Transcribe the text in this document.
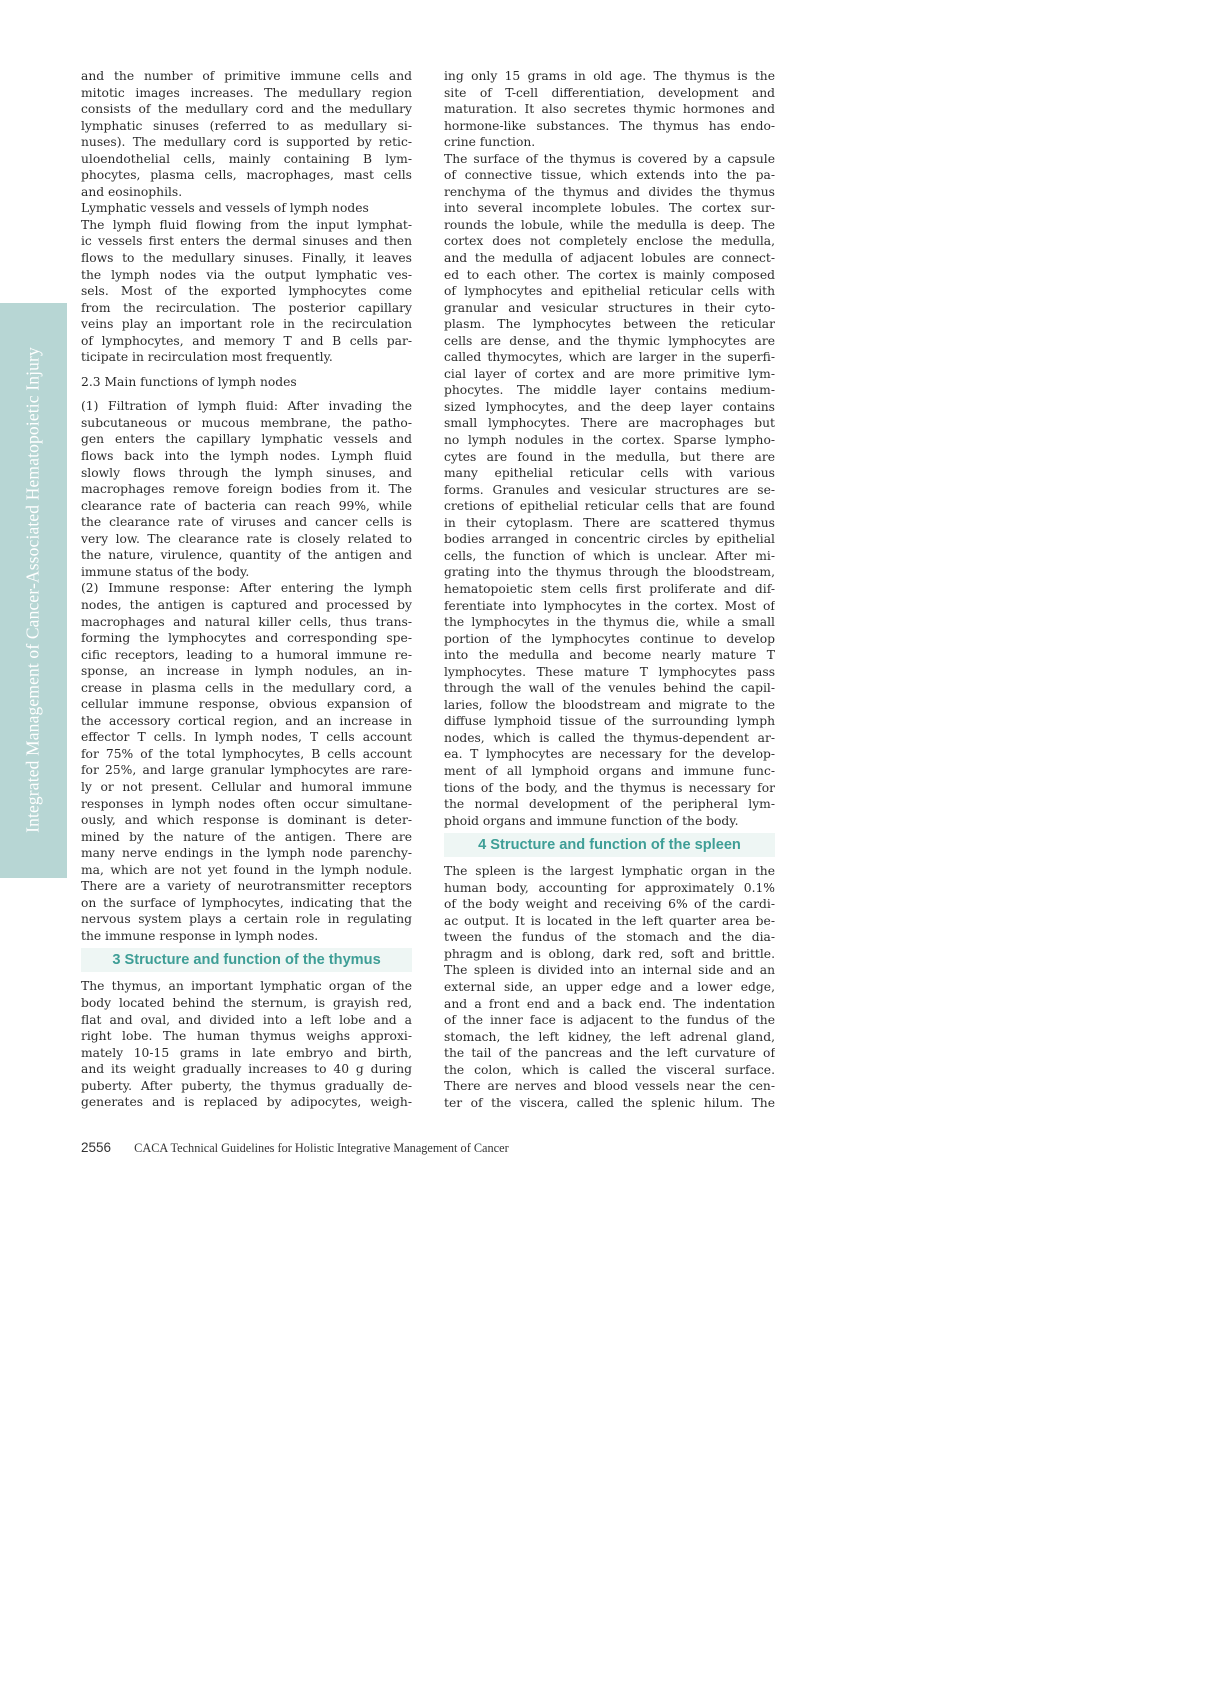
Integrated Management of Cancer-Associated Hematopoietic Injury
and the number of primitive immune cells and
mitotic images increases. The medullary region
consists of the medullary cord and the medullary
lymphatic sinuses (referred to as medullary si-
nuses). The medullary cord is supported by retic-
uloendothelial cells, mainly containing B lym-
phocytes, plasma cells, macrophages, mast cells
and eosinophils.
Lymphatic vessels and vessels of lymph nodes
The lymph fluid flowing from the input lymphat-
ic vessels first enters the dermal sinuses and then
flows to the medullary sinuses. Finally, it leaves
the lymph nodes via the output lymphatic ves-
sels. Most of the exported lymphocytes come
from the recirculation. The posterior capillary
veins play an important role in the recirculation
of lymphocytes, and memory T and B cells par-
ticipate in recirculation most frequently.
2.3 Main functions of lymph nodes
(1) Filtration of lymph fluid: After invading the
subcutaneous or mucous membrane, the patho-
gen enters the capillary lymphatic vessels and
flows back into the lymph nodes. Lymph fluid
slowly flows through the lymph sinuses, and
macrophages remove foreign bodies from it. The
clearance rate of bacteria can reach 99%, while
the clearance rate of viruses and cancer cells is
very low. The clearance rate is closely related to
the nature, virulence, quantity of the antigen and
immune status of the body.
(2) Immune response: After entering the lymph
nodes, the antigen is captured and processed by
macrophages and natural killer cells, thus trans-
forming the lymphocytes and corresponding spe-
cific receptors, leading to a humoral immune re-
sponse, an increase in lymph nodules, an in-
crease in plasma cells in the medullary cord, a
cellular immune response, obvious expansion of
the accessory cortical region, and an increase in
effector T cells. In lymph nodes, T cells account
for 75% of the total lymphocytes, B cells account
for 25%, and large granular lymphocytes are rare-
ly or not present. Cellular and humoral immune
responses in lymph nodes often occur simultane-
ously, and which response is dominant is deter-
mined by the nature of the antigen. There are
many nerve endings in the lymph node parenchy-
ma, which are not yet found in the lymph nodule.
There are a variety of neurotransmitter receptors
on the surface of lymphocytes, indicating that the
nervous system plays a certain role in regulating
the immune response in lymph nodes.
3 Structure and function of the thymus
The thymus, an important lymphatic organ of the
body located behind the sternum, is grayish red,
flat and oval, and divided into a left lobe and a
right lobe. The human thymus weighs approxi-
mately 10-15 grams in late embryo and birth,
and its weight gradually increases to 40 g during
puberty. After puberty, the thymus gradually de-
generates and is replaced by adipocytes, weigh-
ing only 15 grams in old age. The thymus is the
site of T-cell differentiation, development and
maturation. It also secretes thymic hormones and
hormone-like substances. The thymus has endo-
crine function.
The surface of the thymus is covered by a capsule
of connective tissue, which extends into the pa-
renchyma of the thymus and divides the thymus
into several incomplete lobules. The cortex sur-
rounds the lobule, while the medulla is deep. The
cortex does not completely enclose the medulla,
and the medulla of adjacent lobules are connect-
ed to each other. The cortex is mainly composed
of lymphocytes and epithelial reticular cells with
granular and vesicular structures in their cyto-
plasm. The lymphocytes between the reticular
cells are dense, and the thymic lymphocytes are
called thymocytes, which are larger in the superfi-
cial layer of cortex and are more primitive lym-
phocytes. The middle layer contains medium-
sized lymphocytes, and the deep layer contains
small lymphocytes. There are macrophages but
no lymph nodules in the cortex. Sparse lympho-
cytes are found in the medulla, but there are
many epithelial reticular cells with various
forms. Granules and vesicular structures are se-
cretions of epithelial reticular cells that are found
in their cytoplasm. There are scattered thymus
bodies arranged in concentric circles by epithelial
cells, the function of which is unclear. After mi-
grating into the thymus through the bloodstream,
hematopoietic stem cells first proliferate and dif-
ferentiate into lymphocytes in the cortex. Most of
the lymphocytes in the thymus die, while a small
portion of the lymphocytes continue to develop
into the medulla and become nearly mature T
lymphocytes. These mature T lymphocytes pass
through the wall of the venules behind the capil-
laries, follow the bloodstream and migrate to the
diffuse lymphoid tissue of the surrounding lymph
nodes, which is called the thymus-dependent ar-
ea. T lymphocytes are necessary for the develop-
ment of all lymphoid organs and immune func-
tions of the body, and the thymus is necessary for
the normal development of the peripheral lym-
phoid organs and immune function of the body.
4 Structure and function of the spleen
The spleen is the largest lymphatic organ in the
human body, accounting for approximately 0.1%
of the body weight and receiving 6% of the cardi-
ac output. It is located in the left quarter area be-
tween the fundus of the stomach and the dia-
phragm and is oblong, dark red, soft and brittle.
The spleen is divided into an internal side and an
external side, an upper edge and a lower edge,
and a front end and a back end. The indentation
of the inner face is adjacent to the fundus of the
stomach, the left kidney, the left adrenal gland,
the tail of the pancreas and the left curvature of
the colon, which is called the visceral surface.
There are nerves and blood vessels near the cen-
ter of the viscera, called the splenic hilum. The
2556 CACA Technical Guidelines for Holistic Integrative Management of Cancer
